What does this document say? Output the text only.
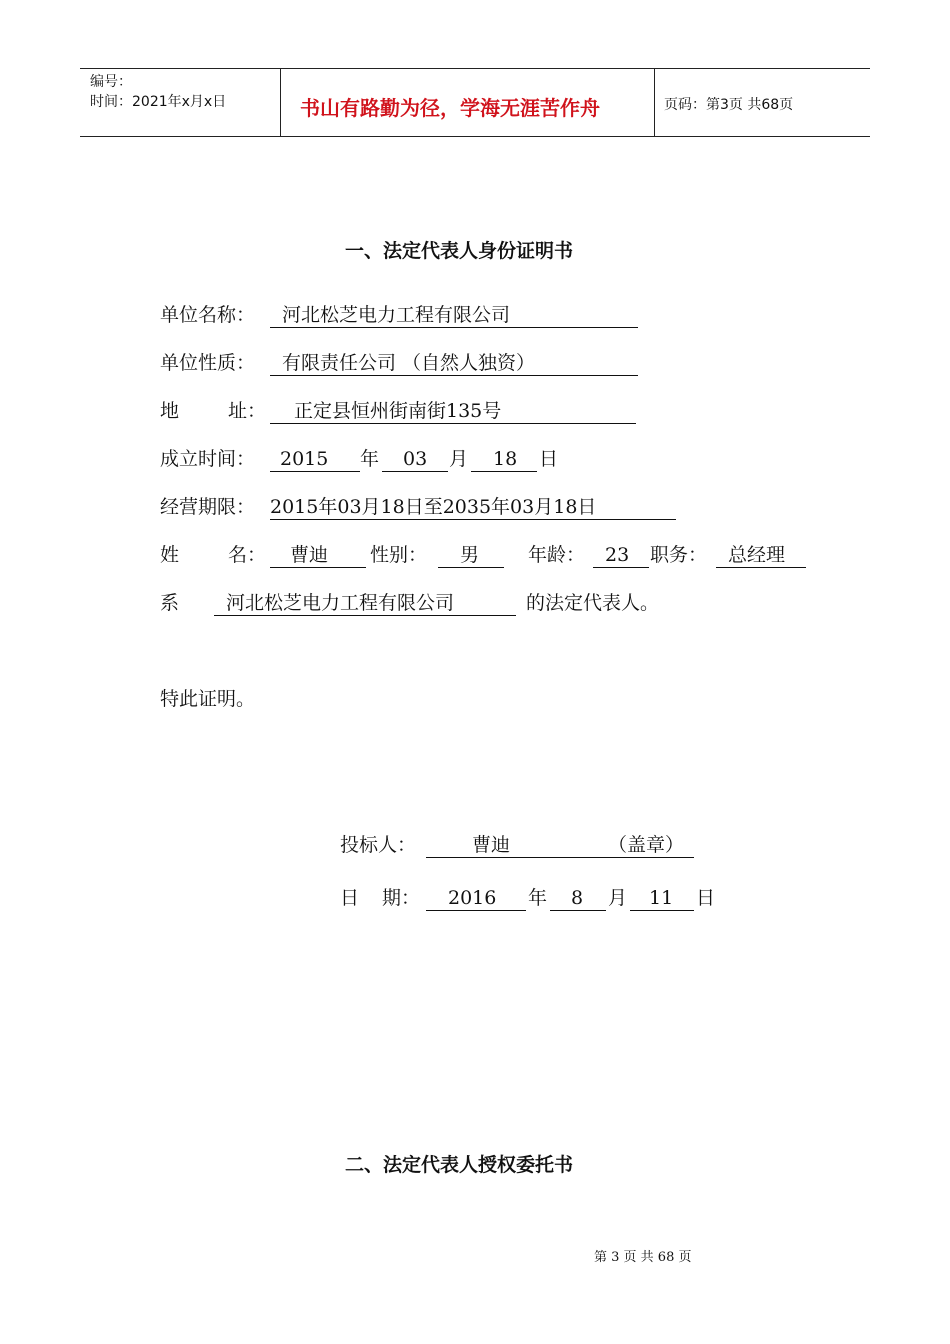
编号：
时间：2021年x月x日	书山有路勤为径，学海无涯苦作舟	页码：第3页 共68页
一、法定代表人身份证明书
单位名称： 河北松芝电力工程有限公司
单位性质： 有限责任公司 （自然人独资）
地	址： 正定县恒州街南街135号
成立时间： 2015 年 03 月 18 日
经营期限： 2015年03月18日至2035年03月18日
姓	名： 曹迪 性别： 男	年龄： 23 职务： 总经理
系 河北松芝电力工程有限公司	的法定代表人。
特此证明。
投标人：	曹迪	（盖章）
日 期： 2016 年 8 月 11 日
二、法定代表人授权委托书
第 3 页 共 68 页
